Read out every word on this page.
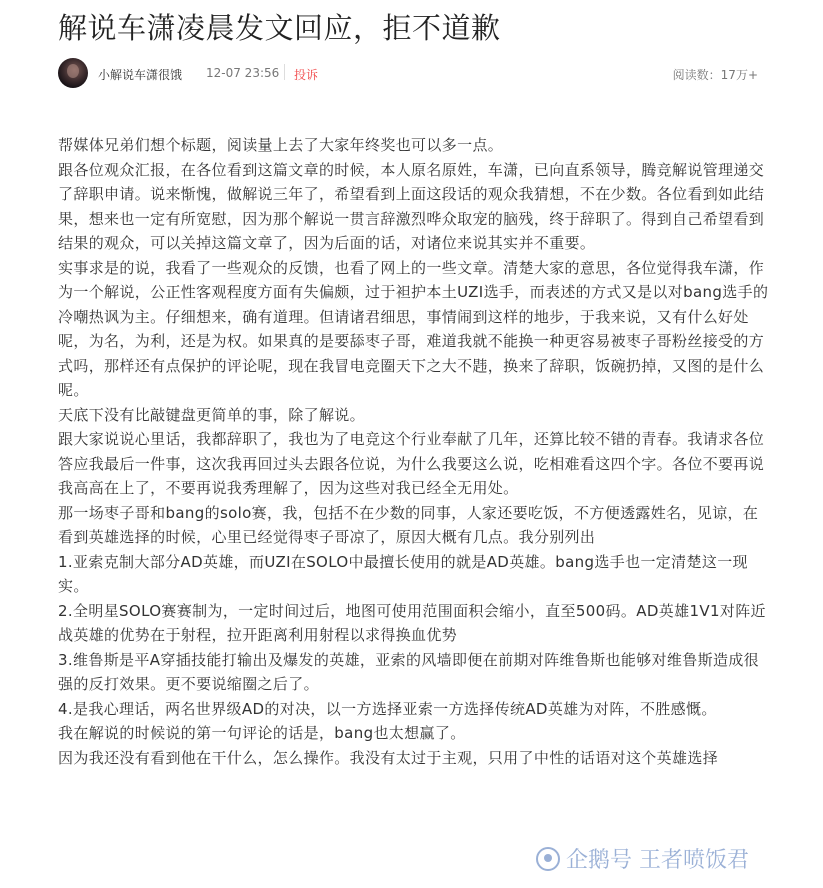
解说车潇凌晨发文回应，拒不道歉
小解说车潇很饿 12-07 23:56 投诉	阅读数：17万+

帮媒体兄弟们想个标题，阅读量上去了大家年终奖也可以多一点。

跟各位观众汇报，在各位看到这篇文章的时候，本人原名原姓，车潇，已向直系领导，腾竞解说管理递交了辞职申请。说来惭愧，做解说三年了，希望看到上面这段话的观众我猜想，不在少数。各位看到如此结果，想来也一定有所宽慰，因为那个解说一贯言辞激烈哗众取宠的脑残，终于辞职了。得到自己希望看到结果的观众，可以关掉这篇文章了，因为后面的话，对诸位来说其实并不重要。

实事求是的说，我看了一些观众的反馈，也看了网上的一些文章。清楚大家的意思，各位觉得我车潇，作为一个解说，公正性客观程度方面有失偏颇，过于袒护本土UZI选手，而表述的方式又是以对bang选手的冷嘲热讽为主。仔细想来，确有道理。但请诸君细思，事情闹到这样的地步，于我来说，又有什么好处呢，为名，为利，还是为权。如果真的是要舔枣子哥，难道我就不能换一种更容易被枣子哥粉丝接受的方式吗，那样还有点保护的评论呢，现在我冒电竞圈天下之大不韪，换来了辞职，饭碗扔掉，又图的是什么呢。

天底下没有比敲键盘更简单的事，除了解说。

跟大家说说心里话，我都辞职了，我也为了电竞这个行业奉献了几年，还算比较不错的青春。我请求各位答应我最后一件事，这次我再回过头去跟各位说，为什么我要这么说，吃相难看这四个字。各位不要再说我高高在上了，不要再说我秀理解了，因为这些对我已经全无用处。

那一场枣子哥和bang的solo赛，我，包括不在少数的同事，人家还要吃饭，不方便透露姓名，见谅，在看到英雄选择的时候，心里已经觉得枣子哥凉了，原因大概有几点。我分别列出

1.亚索克制大部分AD英雄，而UZI在SOLO中最擅长使用的就是AD英雄。bang选手也一定清楚这一现实。

2.全明星SOLO赛赛制为，一定时间过后，地图可使用范围面积会缩小，直至500码。AD英雄1V1对阵近战英雄的优势在于射程，拉开距离利用射程以求得换血优势

3.维鲁斯是平A穿插技能打输出及爆发的英雄，亚索的风墙即便在前期对阵维鲁斯也能够对维鲁斯造成很强的反打效果。更不要说缩圈之后了。

4.是我心理话，两名世界级AD的对决，以一方选择亚索一方选择传统AD英雄为对阵，不胜感慨。

我在解说的时候说的第一句评论的话是，bang也太想赢了。

因为我还没有看到他在干什么，怎么操作。我没有太过于主观，只用了中性的话语对这个英雄选择

企鹅号 王者喷饭君
